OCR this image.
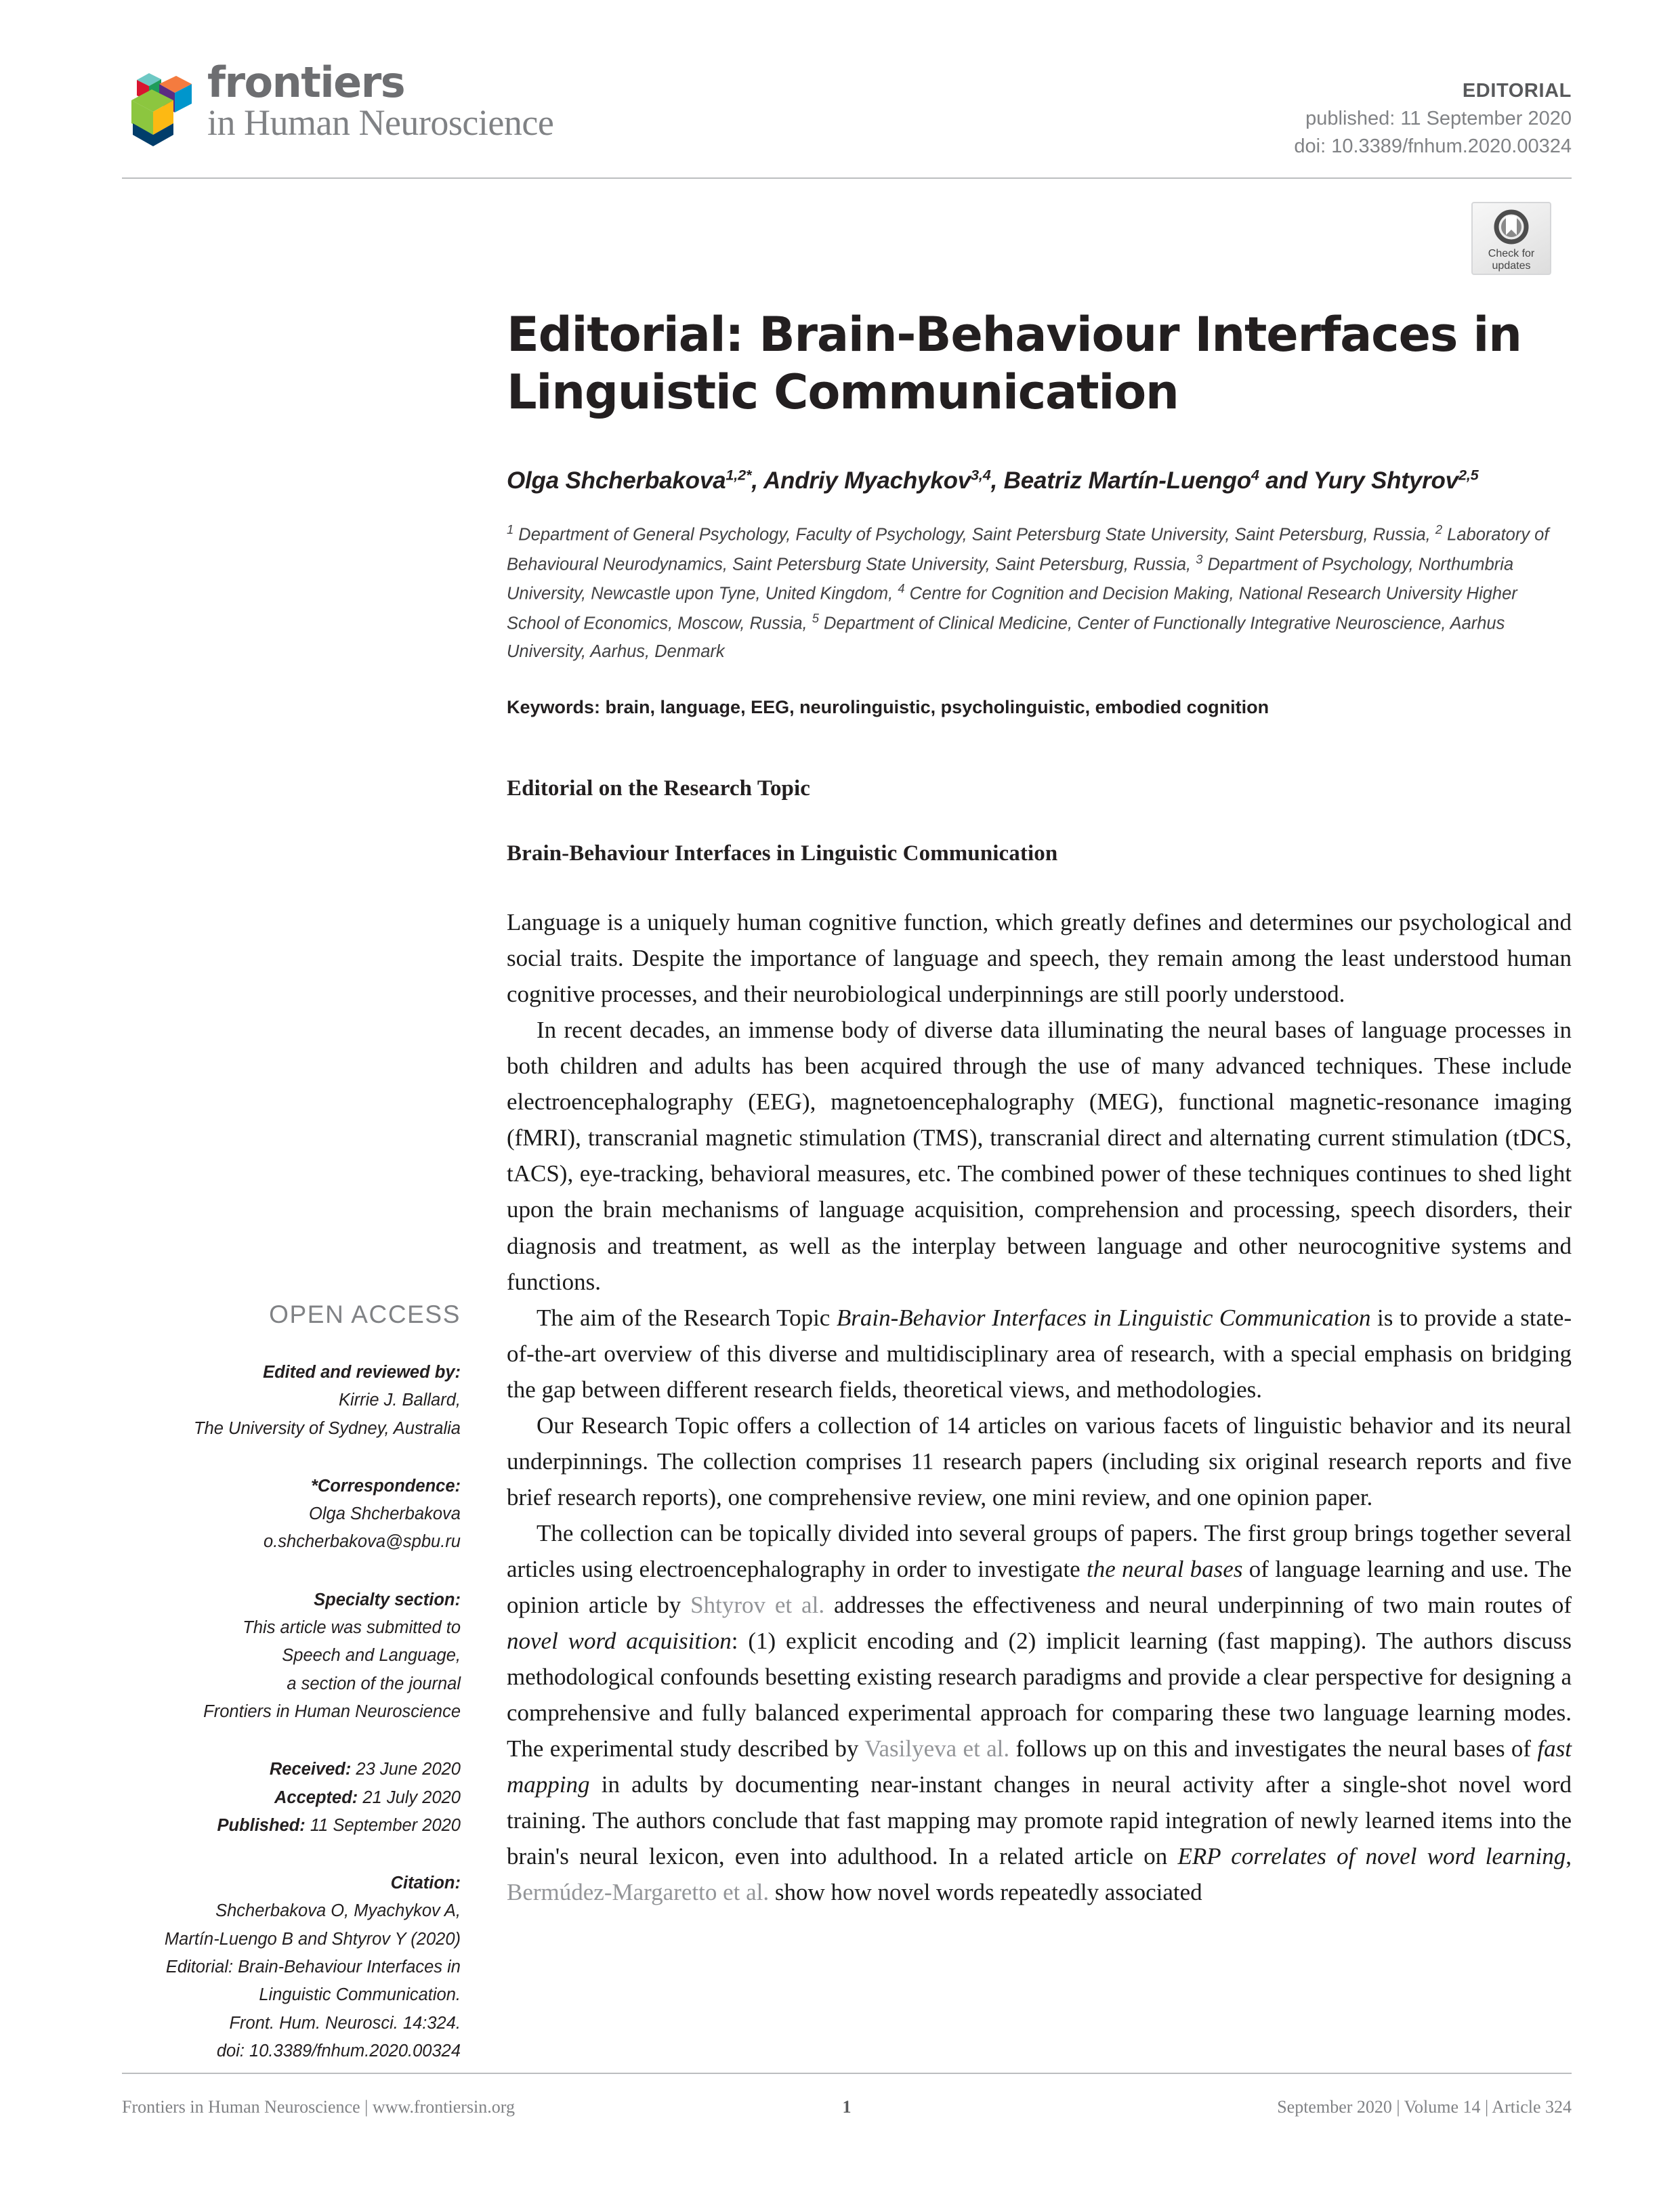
frontiers
in Human Neuroscience
EDITORIAL
published: 11 September 2020
doi: 10.3389/fnhum.2020.00324
Check for
updates
Editorial: Brain-Behaviour Interfaces in Linguistic Communication

Olga Shcherbakova$^{1,2*}$, Andriy Myachykov$^{3,4}$, Beatriz Martín-Luengo$^4$ and Yury Shtyrov$^{2,5}$

$^1$ Department of General Psychology, Faculty of Psychology, Saint Petersburg State University, Saint Petersburg, Russia, $^2$ Laboratory of Behavioural Neurodynamics, Saint Petersburg State University, Saint Petersburg, Russia, $^3$ Department of Psychology, Northumbria University, Newcastle upon Tyne, United Kingdom, $^4$ Centre for Cognition and Decision Making, National Research University Higher School of Economics, Moscow, Russia, $^5$ Department of Clinical Medicine, Center of Functionally Integrative Neuroscience, Aarhus University, Aarhus, Denmark

Keywords: brain, language, EEG, neurolinguistic, psycholinguistic, embodied cognition

Editorial on the Research Topic
Brain-Behaviour Interfaces in Linguistic Communication

Language is a uniquely human cognitive function, which greatly defines and determines our psychological and social traits. Despite the importance of language and speech, they remain among the least understood human cognitive processes, and their neurobiological underpinnings are still poorly understood.

In recent decades, an immense body of diverse data illuminating the neural bases of language processes in both children and adults has been acquired through the use of many advanced techniques. These include electroencephalography (EEG), magnetoencephalography (MEG), functional magnetic-resonance imaging (fMRI), transcranial magnetic stimulation (TMS), transcranial direct and alternating current stimulation (tDCS, tACS), eye-tracking, behavioral measures, etc. The combined power of these techniques continues to shed light upon the brain mechanisms of language acquisition, comprehension and processing, speech disorders, their diagnosis and treatment, as well as the interplay between language and other neurocognitive systems and functions.

The aim of the Research Topic Brain-Behavior Interfaces in Linguistic Communication is to provide a state-of-the-art overview of this diverse and multidisciplinary area of research, with a special emphasis on bridging the gap between different research fields, theoretical views, and methodologies.

Our Research Topic offers a collection of 14 articles on various facets of linguistic behavior and its neural underpinnings. The collection comprises 11 research papers (including six original research reports and five brief research reports), one comprehensive review, one mini review, and one opinion paper.

The collection can be topically divided into several groups of papers. The first group brings together several articles using electroencephalography in order to investigate the neural bases of language learning and use. The opinion article by Shtyrov et al. addresses the effectiveness and neural underpinning of two main routes of novel word acquisition: (1) explicit encoding and (2) implicit learning (fast mapping). The authors discuss methodological confounds besetting existing research paradigms and provide a clear perspective for designing a comprehensive and fully balanced experimental approach for comparing these two language learning modes. The experimental study described by Vasilyeva et al. follows up on this and investigates the neural bases of fast mapping in adults by documenting near-instant changes in neural activity after a single-shot novel word training. The authors conclude that fast mapping may promote rapid integration of newly learned items into the brain's neural lexicon, even into adulthood. In a related article on ERP correlates of novel word learning, Bermúdez-Margaretto et al. show how novel words repeatedly associated

OPEN ACCESS
Edited and reviewed by:
Kirrie J. Ballard,
The University of Sydney, Australia
*Correspondence:
Olga Shcherbakova
o.shcherbakova@spbu.ru
Specialty section:
This article was submitted to
Speech and Language,
a section of the journal
Frontiers in Human Neuroscience
Received: 23 June 2020
Accepted: 21 July 2020
Published: 11 September 2020
Citation:
Shcherbakova O, Myachykov A,
Martín-Luengo B and Shtyrov Y (2020)
Editorial: Brain-Behaviour Interfaces in
Linguistic Communication.
Front. Hum. Neurosci. 14:324.
doi: 10.3389/fnhum.2020.00324
Frontiers in Human Neuroscience | www.frontiersin.org	1	September 2020 | Volume 14 | Article 324
